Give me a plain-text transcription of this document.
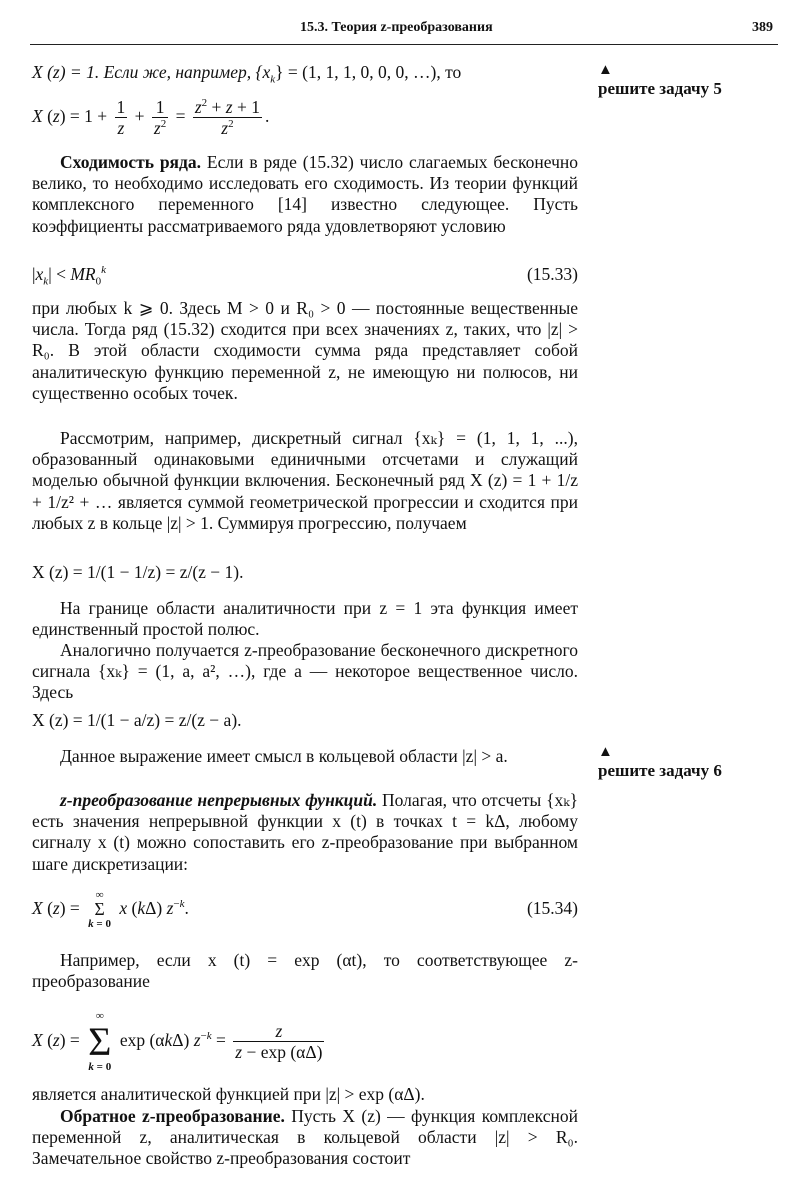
15.3. Теория z-преобразования	389
▲
решите задачу 5
▲
решите задачу 6
X (z) = 1. Если же, например, $\{x_k\} = (1$, 1, 1, 0, 0, 0, …), то
X $(z) = 1 + \frac{1}{z} + \frac{1}{z^2} = \frac{z^2 + z + 1}{z^2}$ .
Сходимость ряда. Если в ряде (15.32) число слагаемых бесконечно велико, то необходимо исследовать его сходимость. Из теории функций комплексного переменного [14] известно следующее. Пусть коэффициенты рассматриваемого ряда удовлетворяют условию
$|x_k| < MR_0^k$	(15.33)
при любых k ⩾ 0. Здесь M > 0 и R₀ > 0 — постоянные вещественные числа. Тогда ряд (15.32) сходится при всех значениях z, таких, что |z| > R₀. В этой области сходимости сумма ряда представляет собой аналитическую функцию переменной z, не имеющую ни полюсов, ни существенно особых точек.
Рассмотрим, например, дискретный сигнал {xₖ} = (1, 1, 1, ...), образованный одинаковыми единичными отсчетами и служащий моделью обычной функции включения. Бесконечный ряд X (z) = 1 + 1/z + 1/z² + … является суммой геометрической прогрессии и сходится при любых z в кольце |z| > 1. Суммируя прогрессию, получаем
X (z) = 1/(1 − 1/z) = z/(z − 1).
На границе области аналитичности при z = 1 эта функция имеет единственный простой полюс.
Аналогично получается z-преобразование бесконечного дискретного сигнала {xₖ} = (1, a, a², …), где a — некоторое вещественное число. Здесь
X (z) = 1/(1 − a/z) = z/(z − a).
Данное выражение имеет смысл в кольцевой области |z| > a.
z-преобразование непрерывных функций. Полагая, что отсчеты {xₖ} есть значения непрерывной функции x (t) в точках t = kΔ, любому сигналу x (t) можно сопоставить его z-преобразование при выбранном шаге дискретизации:
X (z) =
∞
Σ
k = 0
x (kΔ) $z^{-k}$.	(15.34)
Например, если x (t) = exp (αt), то соответствующее z-преобразование
X (z) =
∞
Σ
k = 0
exp (αkΔ) $z^{-k} = \frac{z}{z - \exp (\alpha\Delta)}$
является аналитической функцией при |z| > exp (αΔ).
Обратное z-преобразование. Пусть X (z) — функция комплексной переменной z, аналитическая в кольцевой области |z| > R₀. Замечательное свойство z-преобразования состоит
